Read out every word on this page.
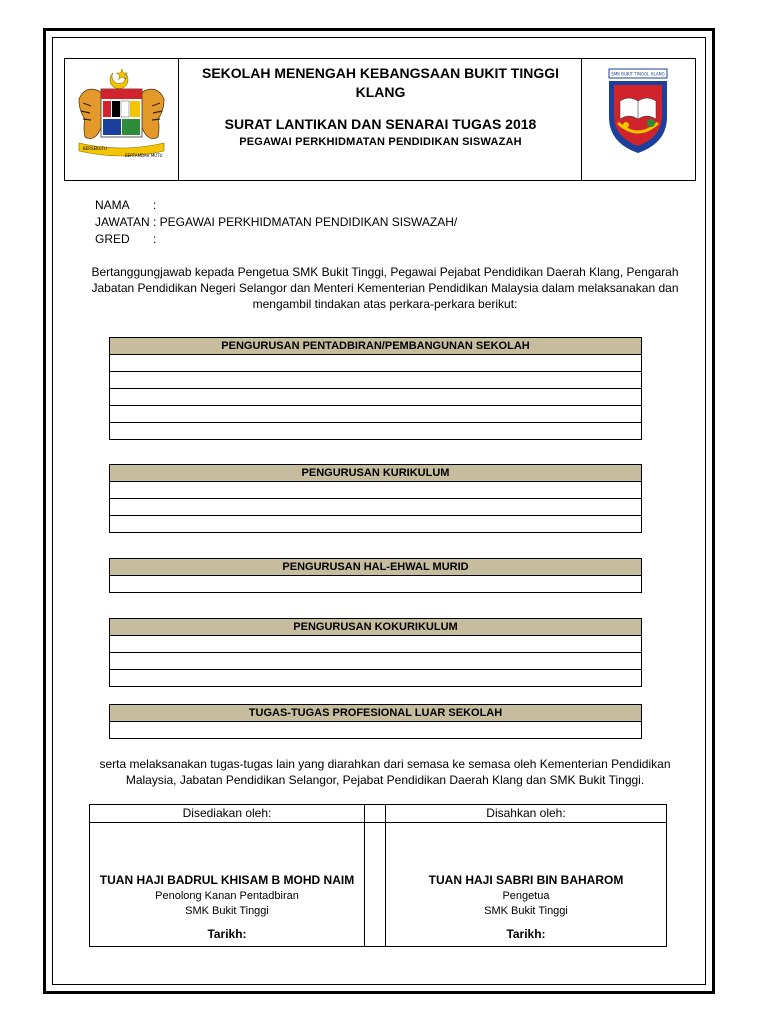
BERSEKUTU
BERTAMBAH MUTU
SEKOLAH MENENGAH KEBANGSAAN BUKIT TINGGI
KLANG
SURAT LANTIKAN DAN SENARAI TUGAS 2018
PEGAWAI PERKHIDMATAN PENDIDIKAN SISWAZAH
SMK BUKIT TINGGI, KLANG
NAMA	:
JAWATAN : PEGAWAI PERKHIDMATAN PENDIDIKAN SISWAZAH/
GRED	:
Bertanggungjawab kepada Pengetua SMK Bukit Tinggi, Pegawai Pejabat Pendidikan Daerah Klang, Pengarah
Jabatan Pendidikan Negeri Selangor dan Menteri Kementerian Pendidikan Malaysia dalam melaksanakan dan
mengambil tindakan atas perkara-perkara berikut:
PENGURUSAN PENTADBIRAN/PEMBANGUNAN SEKOLAH
PENGURUSAN KURIKULUM
PENGURUSAN HAL-EHWAL MURID
PENGURUSAN KOKURIKULUM
TUGAS-TUGAS PROFESIONAL LUAR SEKOLAH
serta melaksanakan tugas-tugas lain yang diarahkan dari semasa ke semasa oleh Kementerian Pendidikan
Malaysia, Jabatan Pendidikan Selangor, Pejabat Pendidikan Daerah Klang dan SMK Bukit Tinggi.
Disediakan oleh:
TUAN HAJI BADRUL KHISAM B MOHD NAIM
Penolong Kanan Pentadbiran
SMK Bukit Tinggi
Tarikh:
Disahkan oleh:
TUAN HAJI SABRI BIN BAHAROM
Pengetua
SMK Bukit Tinggi
Tarikh:
